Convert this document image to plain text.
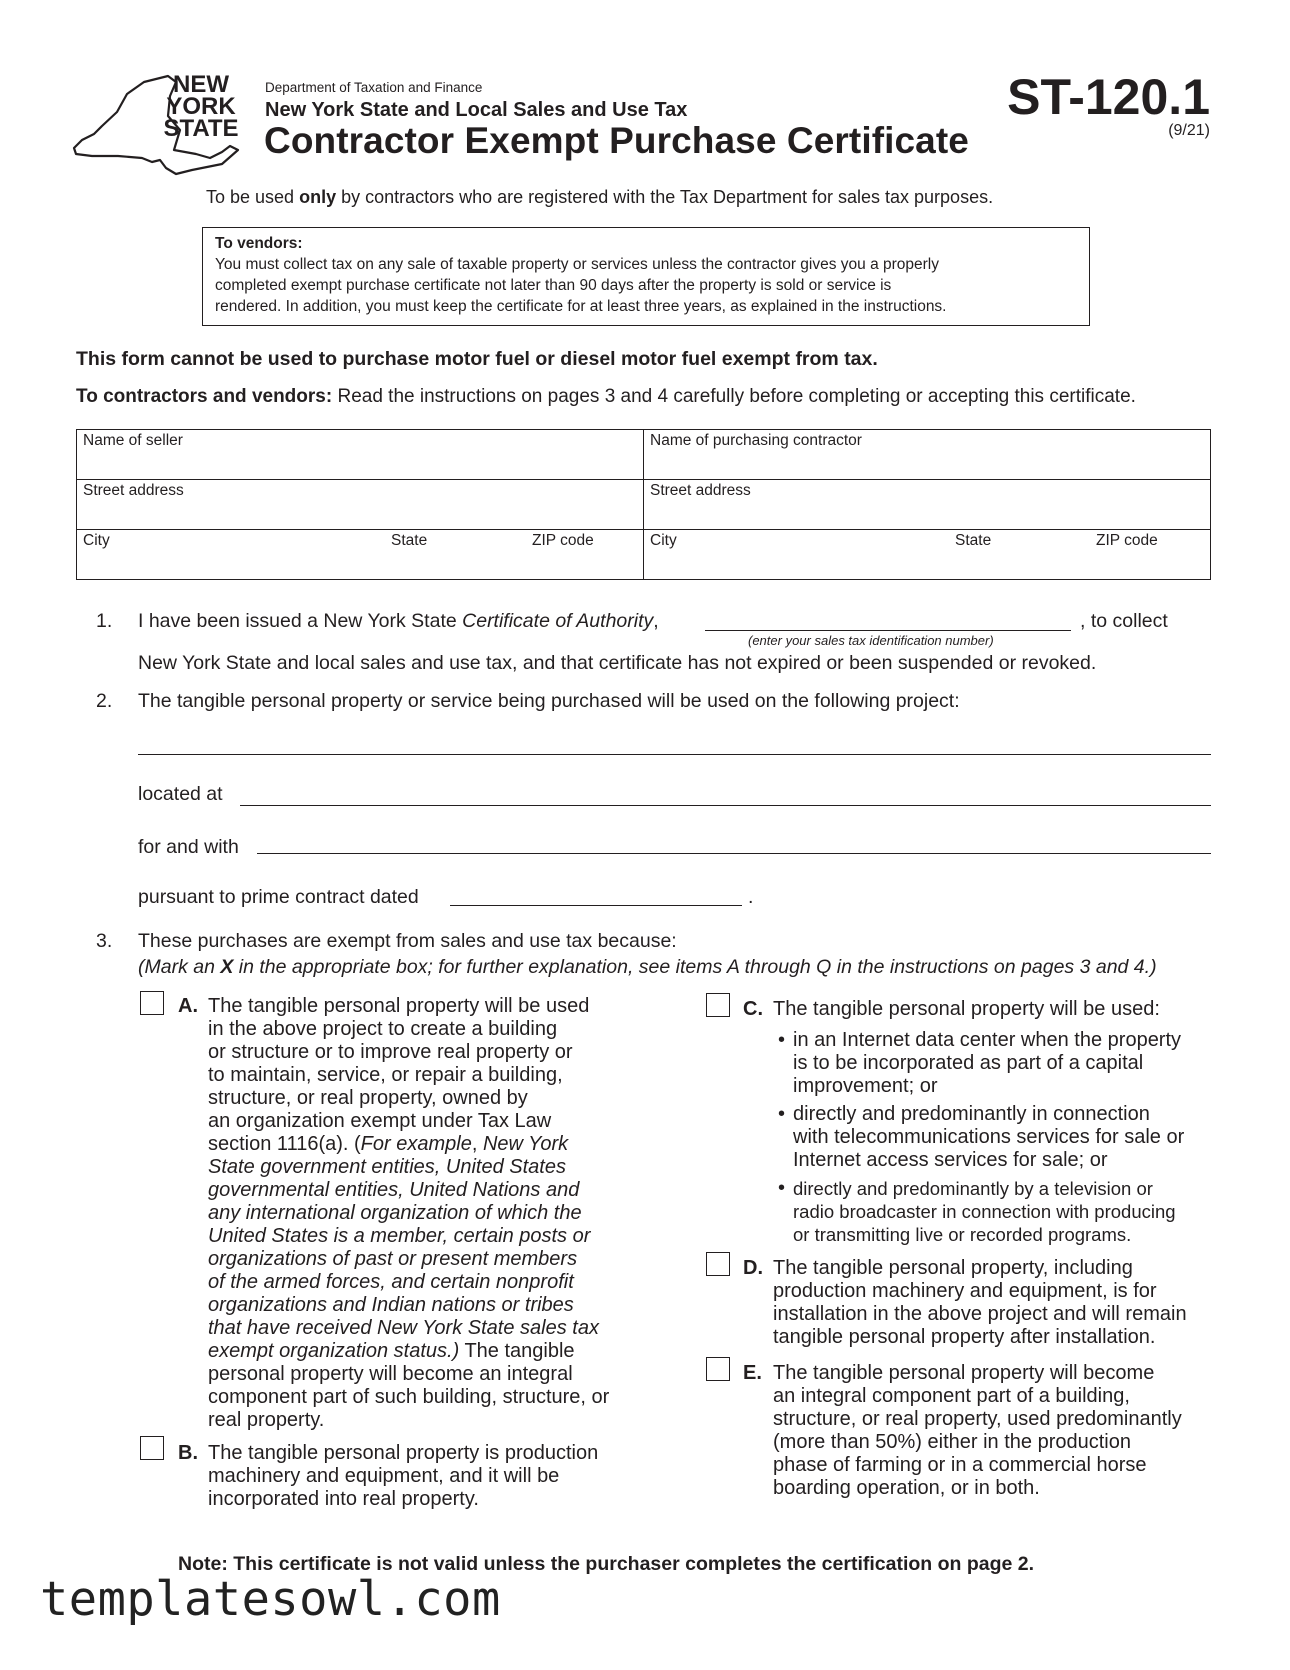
NEW
YORK
STATE
Department of Taxation and Finance
New York State and Local Sales and Use Tax
Contractor Exempt Purchase Certificate
ST-120.1
(9/21)
To be used only by contractors who are registered with the Tax Department for sales tax purposes.
To vendors:
You must collect tax on any sale of taxable property or services unless the contractor gives you a properly
completed exempt purchase certificate not later than 90 days after the property is sold or service is
rendered. In addition, you must keep the certificate for at least three years, as explained in the instructions.
This form cannot be used to purchase motor fuel or diesel motor fuel exempt from tax.
To contractors and vendors: Read the instructions on pages 3 and 4 carefully before completing or accepting this certificate.
Name of seller	Name of purchasing contractor
Street address	Street address
City	State	ZIP code	City	State	ZIP code
1. I have been issued a New York State Certificate of Authority,	, to collect
(enter your sales tax identification number)
New York State and local sales and use tax, and that certificate has not expired or been suspended or revoked.
2. The tangible personal property or service being purchased will be used on the following project:
located at
for and with
pursuant to prime contract dated	.
3. These purchases are exempt from sales and use tax because:
(Mark an X in the appropriate box; for further explanation, see items A through Q in the instructions on pages 3 and 4.)
A. The tangible personal property will be used
in the above project to create a building
or structure or to improve real property or
to maintain, service, or repair a building,
structure, or real property, owned by
an organization exempt under Tax Law
section 1116(a). (For example, New York
State government entities, United States
governmental entities, United Nations and
any international organization of which the
United States is a member, certain posts or
organizations of past or present members
of the armed forces, and certain nonprofit
organizations and Indian nations or tribes
that have received New York State sales tax
exempt organization status.) The tangible
personal property will become an integral
component part of such building, structure, or
real property.
B. The tangible personal property is production
machinery and equipment, and it will be
incorporated into real property.
C. The tangible personal property will be used:
• in an Internet data center when the property
is to be incorporated as part of a capital
improvement; or
• directly and predominantly in connection
with telecommunications services for sale or
Internet access services for sale; or
• directly and predominantly by a television or
radio broadcaster in connection with producing
or transmitting live or recorded programs.
D. The tangible personal property, including
production machinery and equipment, is for
installation in the above project and will remain
tangible personal property after installation.
E. The tangible personal property will become
an integral component part of a building,
structure, or real property, used predominantly
(more than 50%) either in the production
phase of farming or in a commercial horse
boarding operation, or in both.
Note: This certificate is not valid unless the purchaser completes the certification on page 2.
templatesowl.com
